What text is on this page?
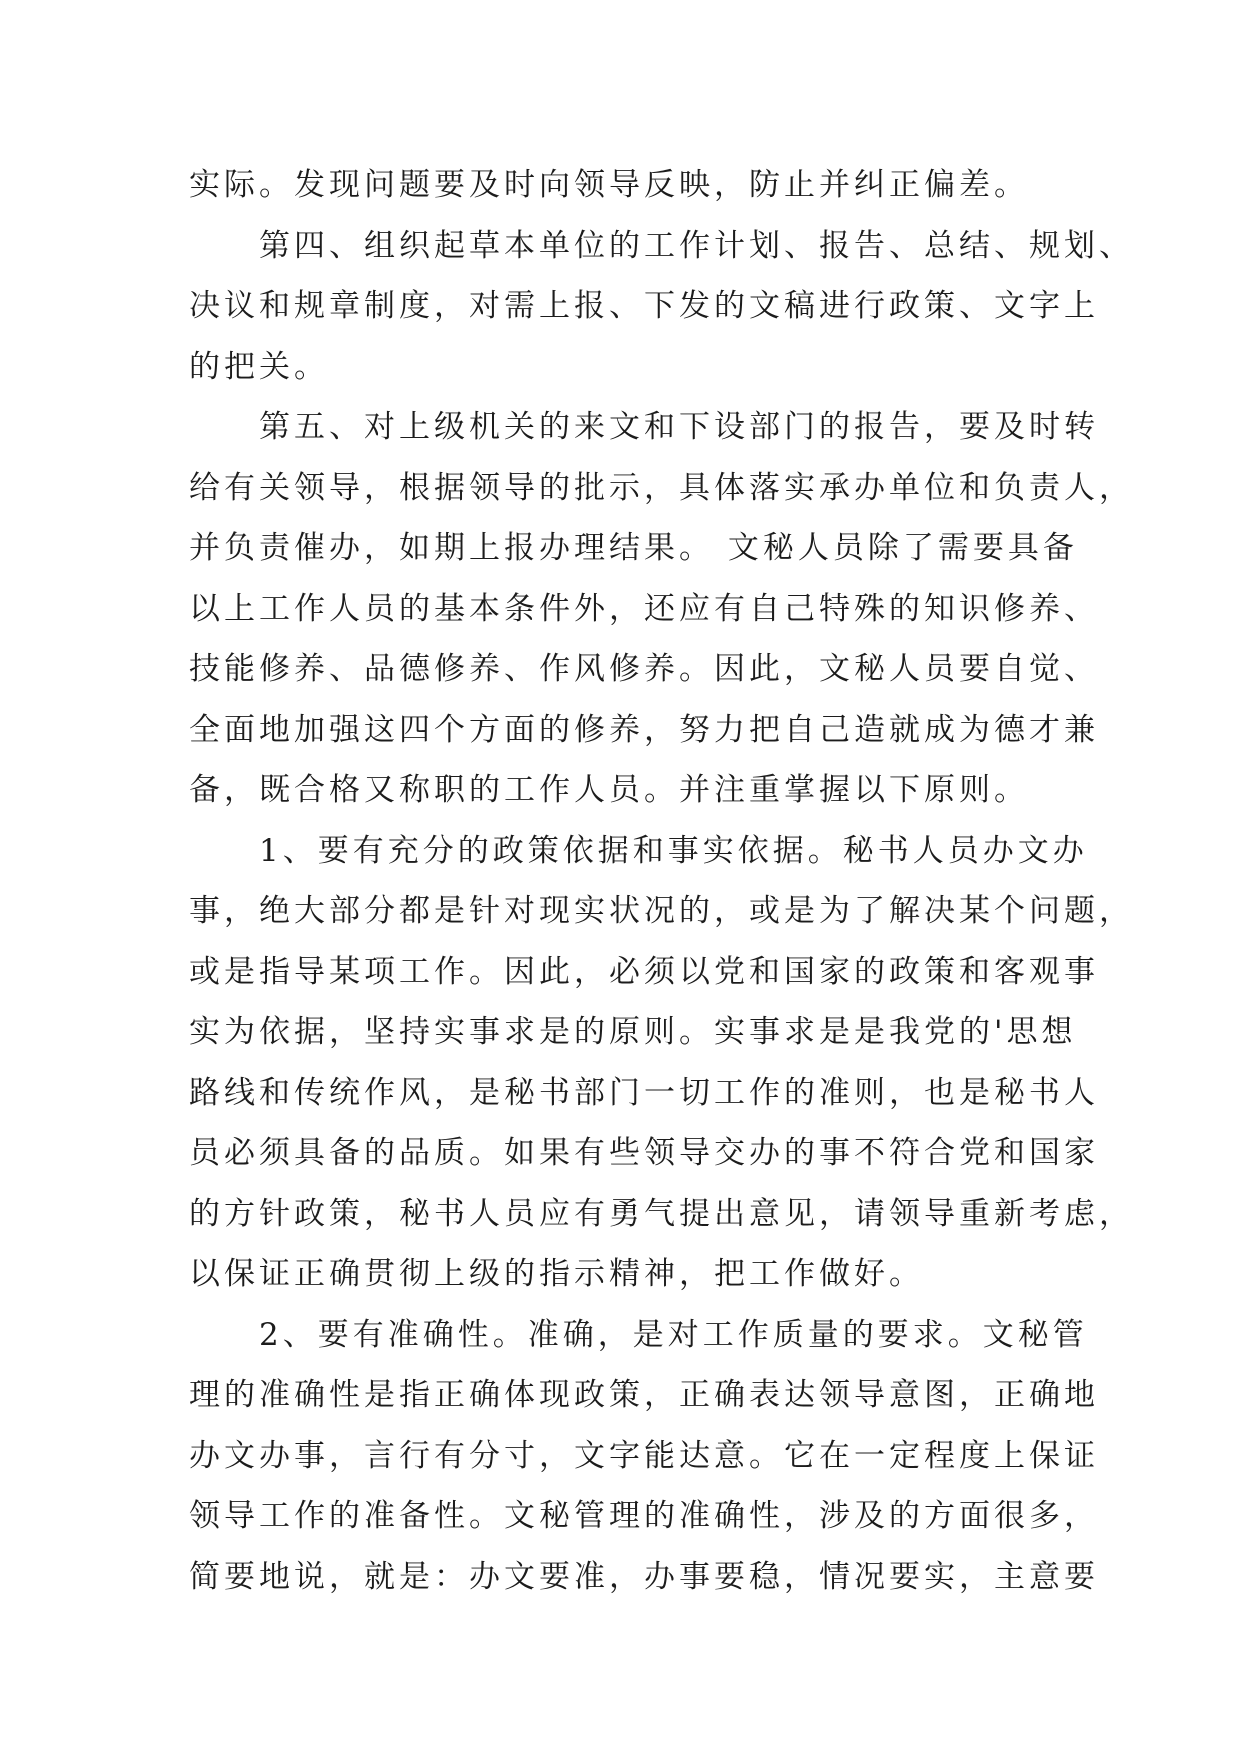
实际。发现问题要及时向领导反映，防止并纠正偏差。
第四、组织起草本单位的工作计划、报告、总结、规划、
决议和规章制度，对需上报、下发的文稿进行政策、文字上
的把关。
第五、对上级机关的来文和下设部门的报告，要及时转
给有关领导，根据领导的批示，具体落实承办单位和负责人，
并负责催办，如期上报办理结果。 文秘人员除了需要具备
以上工作人员的基本条件外，还应有自己特殊的知识修养、
技能修养、品德修养、作风修养。因此，文秘人员要自觉、
全面地加强这四个方面的修养，努力把自己造就成为德才兼
备，既合格又称职的工作人员。并注重掌握以下原则。
1、要有充分的政策依据和事实依据。秘书人员办文办
事，绝大部分都是针对现实状况的，或是为了解决某个问题，
或是指导某项工作。因此，必须以党和国家的政策和客观事
实为依据，坚持实事求是的原则。实事求是是我党的'思想
路线和传统作风，是秘书部门一切工作的准则，也是秘书人
员必须具备的品质。如果有些领导交办的事不符合党和国家
的方针政策，秘书人员应有勇气提出意见，请领导重新考虑，
以保证正确贯彻上级的指示精神，把工作做好。
2、要有准确性。准确，是对工作质量的要求。文秘管
理的准确性是指正确体现政策，正确表达领导意图，正确地
办文办事，言行有分寸，文字能达意。它在一定程度上保证
领导工作的准备性。文秘管理的准确性，涉及的方面很多，
简要地说，就是：办文要准，办事要稳，情况要实，主意要
